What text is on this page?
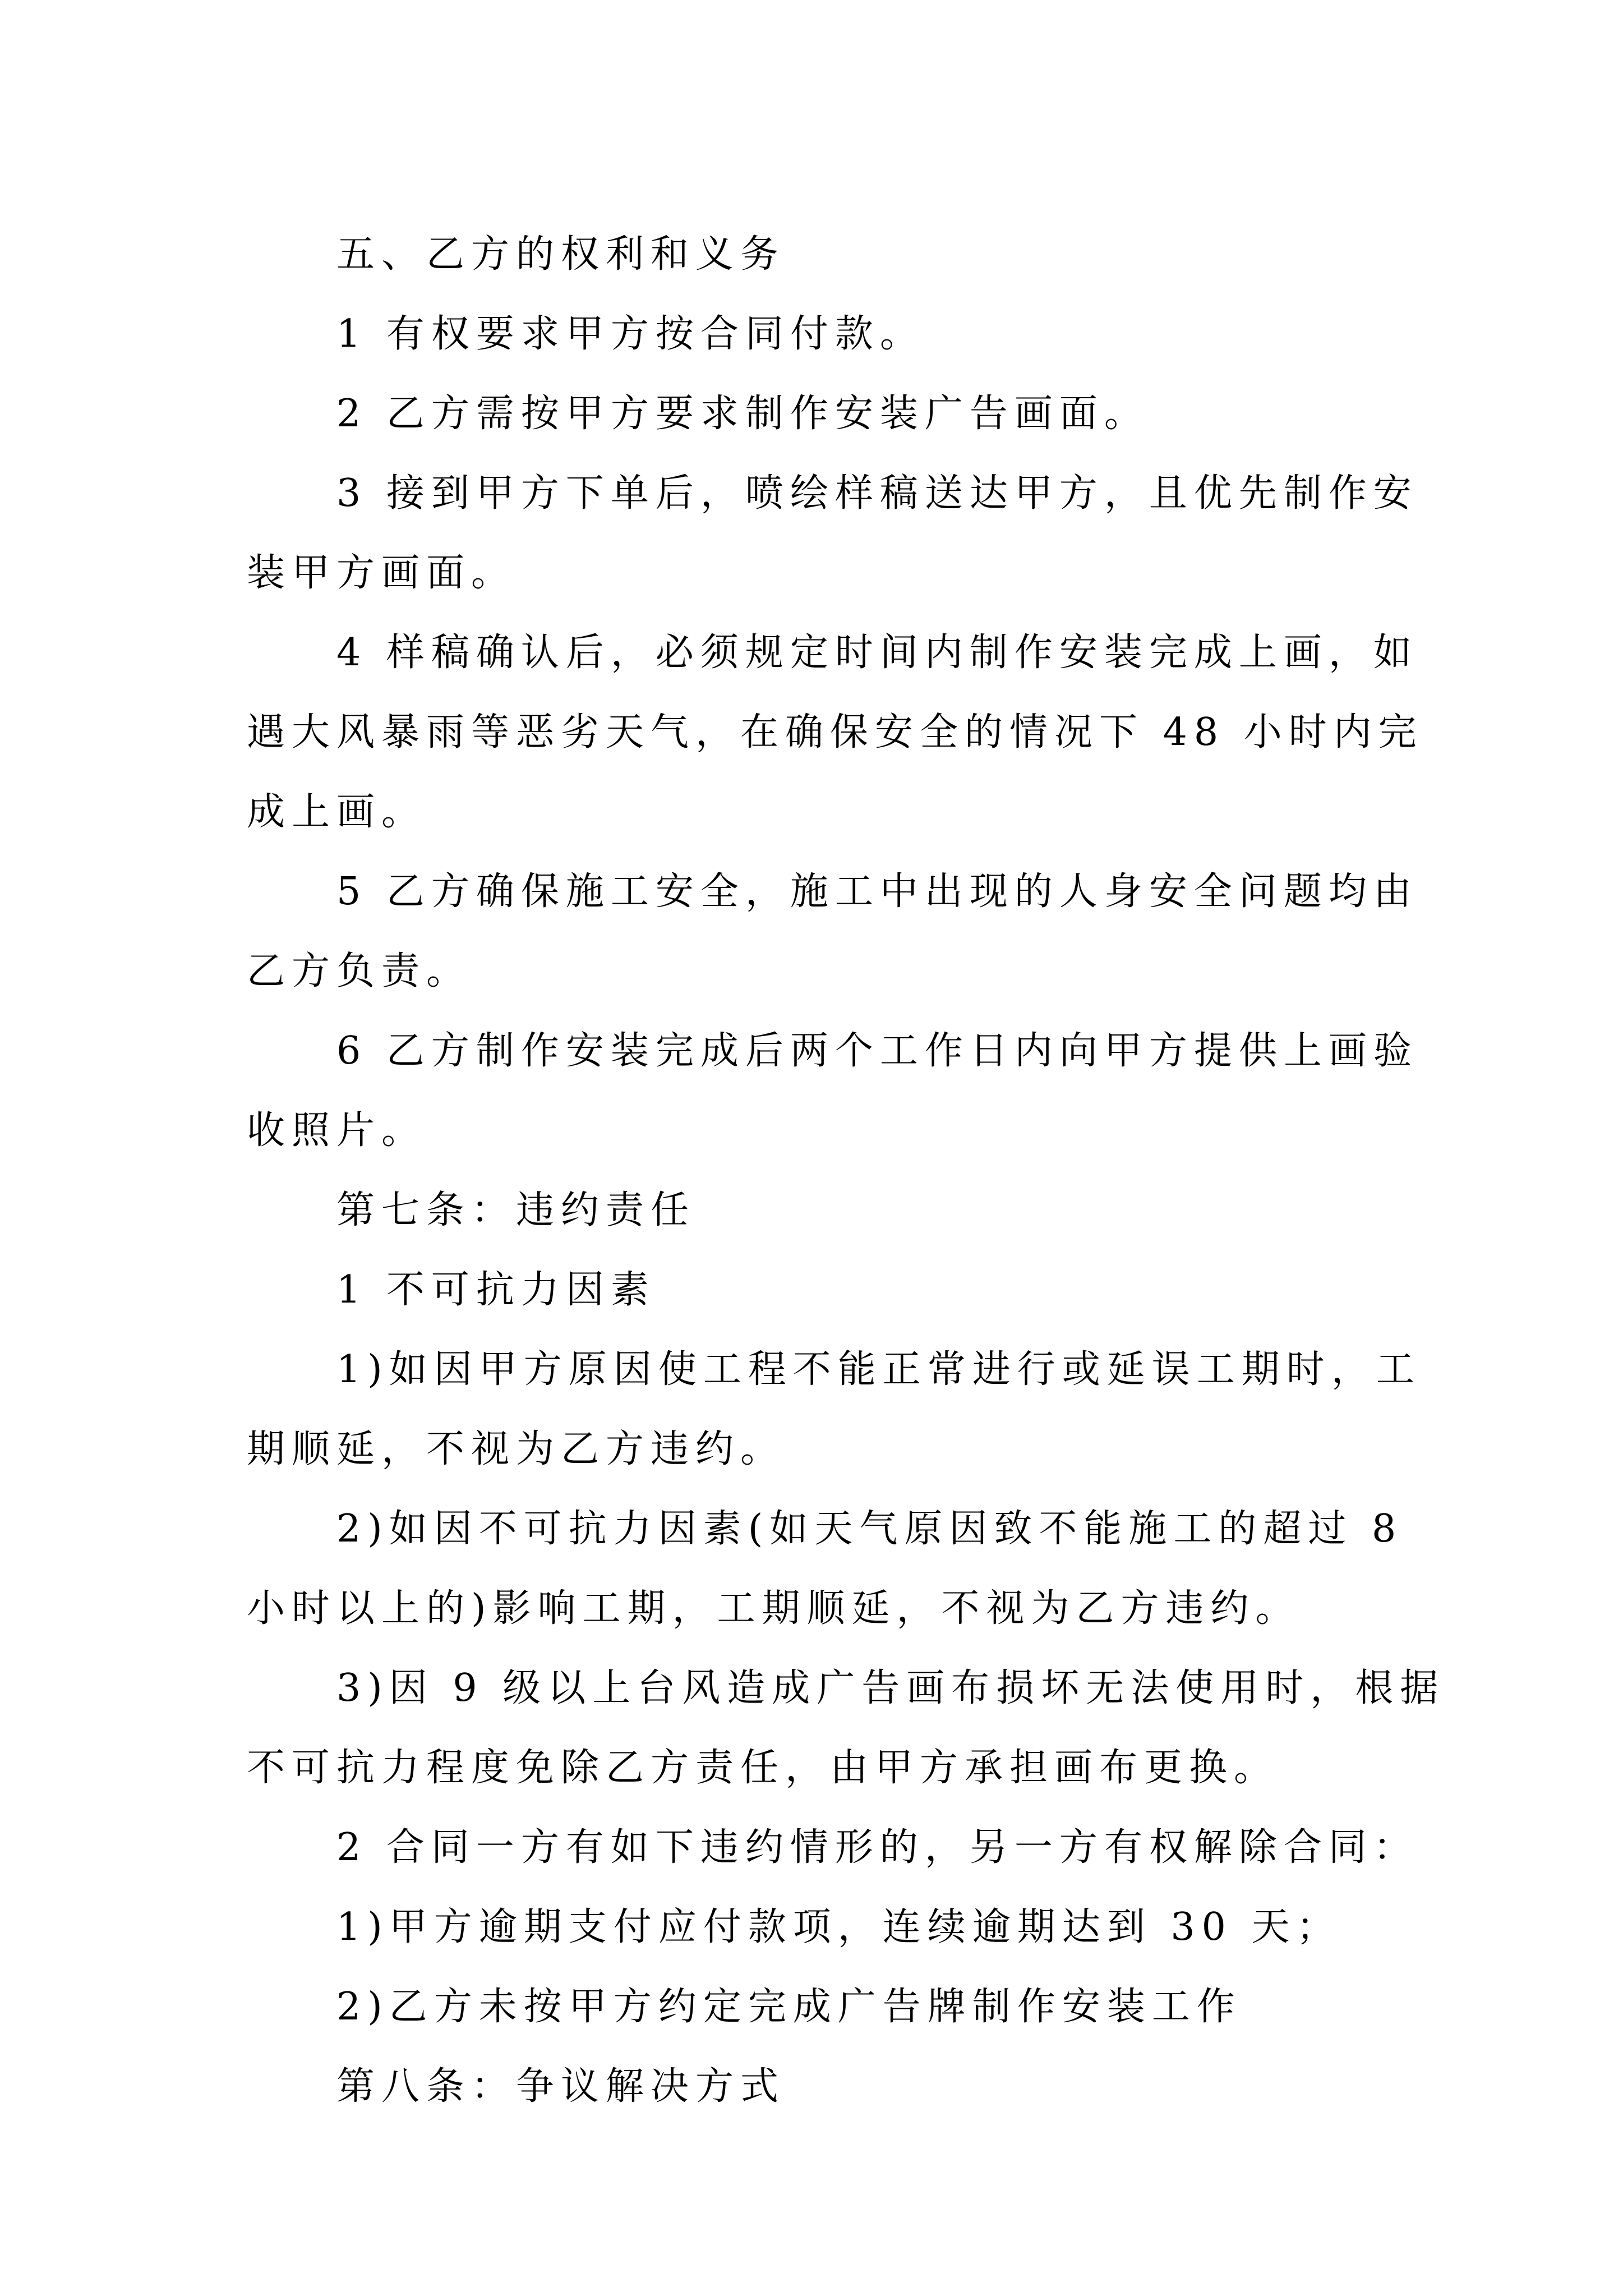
五、乙方的权利和义务
1 有权要求甲方按合同付款。
2 乙方需按甲方要求制作安装广告画面。
3 接到甲方下单后，喷绘样稿送达甲方，且优先制作安
装甲方画面。
4 样稿确认后，必须规定时间内制作安装完成上画，如
遇大风暴雨等恶劣天气，在确保安全的情况下 48 小时内完
成上画。
5 乙方确保施工安全，施工中出现的人身安全问题均由
乙方负责。
6 乙方制作安装完成后两个工作日内向甲方提供上画验
收照片。
第七条：违约责任
1 不可抗力因素
1)如因甲方原因使工程不能正常进行或延误工期时，工
期顺延，不视为乙方违约。
2)如因不可抗力因素(如天气原因致不能施工的超过 8
小时以上的)影响工期，工期顺延，不视为乙方违约。
3)因 9 级以上台风造成广告画布损坏无法使用时，根据
不可抗力程度免除乙方责任，由甲方承担画布更换。
2 合同一方有如下违约情形的，另一方有权解除合同：
1)甲方逾期支付应付款项，连续逾期达到 30 天；
2)乙方未按甲方约定完成广告牌制作安装工作
第八条：争议解决方式
